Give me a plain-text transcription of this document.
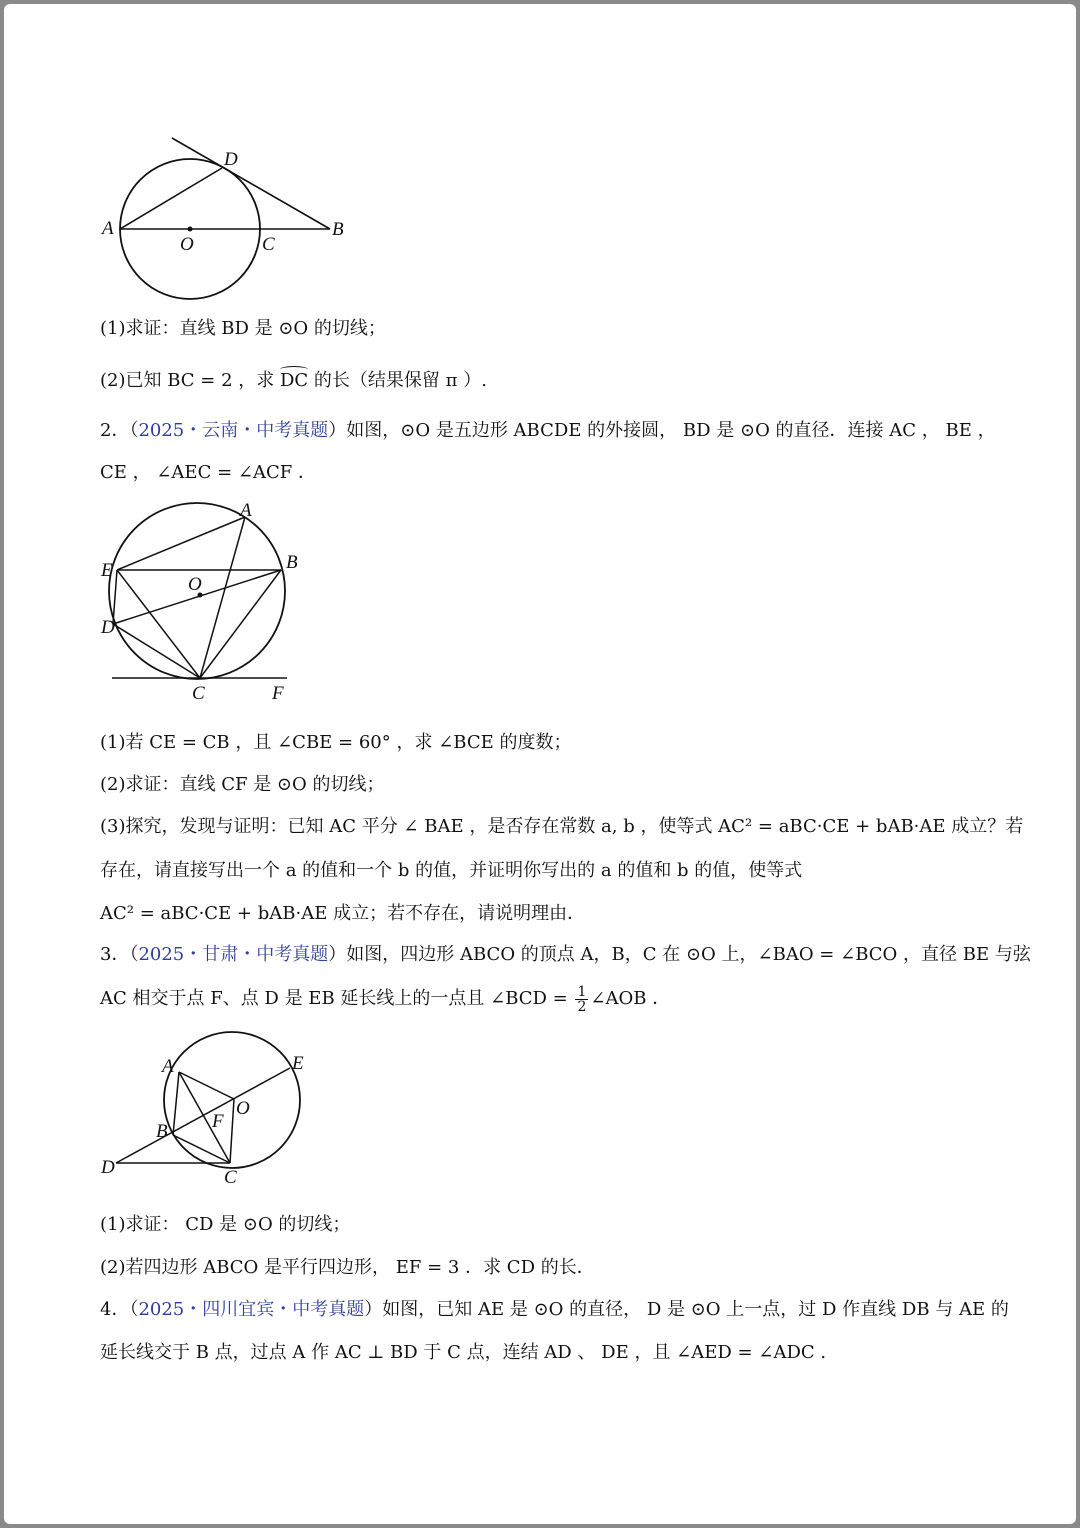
D
A
O	C
B
(1)求证：直线 BD 是 ⊙O 的切线；
(2)已知 BC = 2 ，求 DC 的长（结果保留 π ）.
2．（2025・云南・中考真题）如图，⊙O 是五边形 ABCDE 的外接圆， BD 是 ⊙O 的直径．连接 AC ， BE ，
CE ， ∠AEC = ∠ACF ．
A
B
E
O
D
C	F
(1)若 CE = CB ，且 ∠CBE = 60° ，求 ∠BCE 的度数；
(2)求证：直线 CF 是 ⊙O 的切线；
(3)探究，发现与证明：已知 AC 平分 ∠ BAE ，是否存在常数 a, b ，使等式 AC² = aBC·CE + bAB·AE 成立？若
存在，请直接写出一个 a 的值和一个 b 的值，并证明你写出的 a 的值和 b 的值，使等式
AC² = aBC·CE + bAB·AE 成立；若不存在，请说明理由．
3．（2025・甘肃・中考真题）如图，四边形 ABCO 的顶点 A，B，C 在 ⊙O 上，∠BAO = ∠BCO ，直径 BE 与弦
AC 相交于点 F、点 D 是 EB 延长线上的一点且 ∠BCD = $\frac{1}{2}$ ∠AOB ．
A	E
O
F
B
D	C
(1)求证： CD 是 ⊙O 的切线；
(2)若四边形 ABCO 是平行四边形， EF = 3 ．求 CD 的长．
4．（2025・四川宜宾・中考真题）如图，已知 AE 是 ⊙O 的直径， D 是 ⊙O 上一点，过 D 作直线 DB 与 AE 的
延长线交于 B 点，过点 A 作 AC ⊥ BD 于 C 点，连结 AD 、 DE ，且 ∠AED = ∠ADC .
